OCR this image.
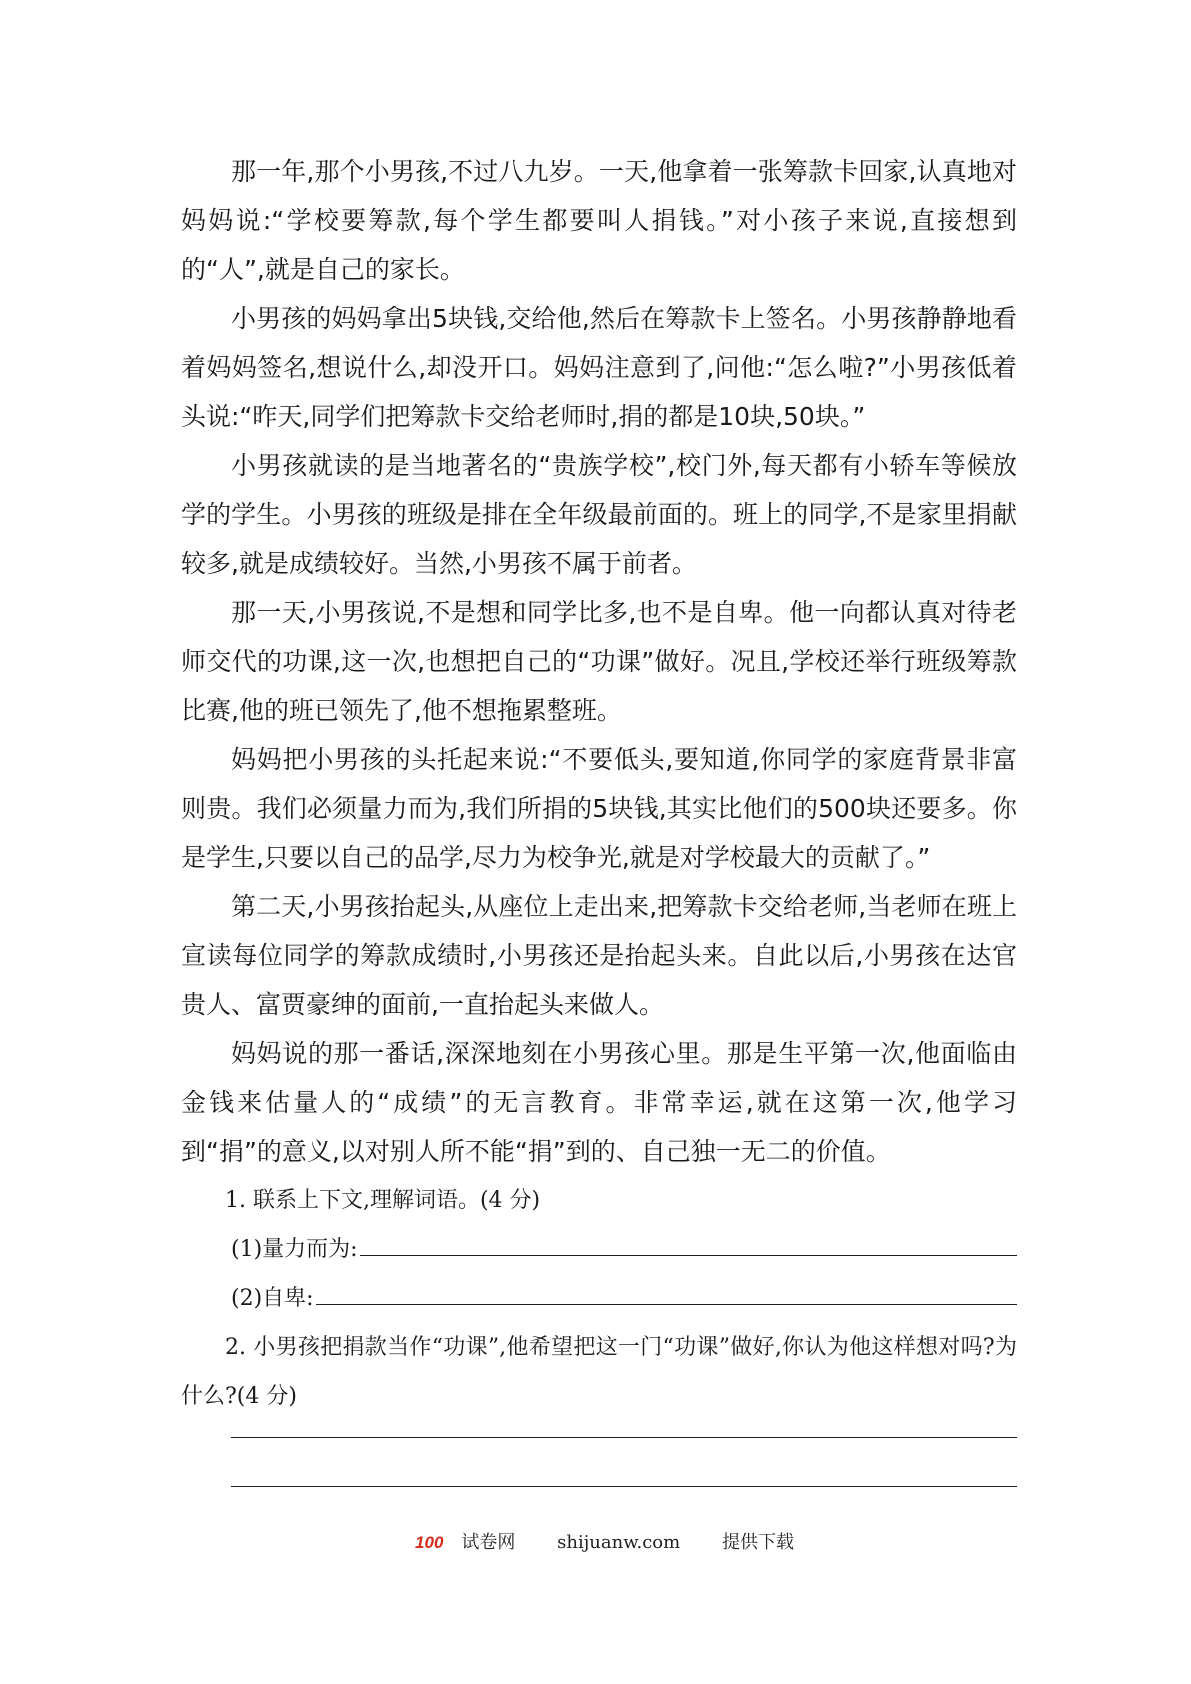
那一年,那个小男孩,不过八九岁。一天,他拿着一张筹款卡回家,认真地对妈妈说:“学校要筹款,每个学生都要叫人捐钱。”对小孩子来说,直接想到的“人”,就是自己的家长。

小男孩的妈妈拿出5块钱,交给他,然后在筹款卡上签名。小男孩静静地看着妈妈签名,想说什么,却没开口。妈妈注意到了,问他:“怎么啦?”小男孩低着头说:“昨天,同学们把筹款卡交给老师时,捐的都是10块,50块。”

小男孩就读的是当地著名的“贵族学校”,校门外,每天都有小轿车等候放学的学生。小男孩的班级是排在全年级最前面的。班上的同学,不是家里捐献较多,就是成绩较好。当然,小男孩不属于前者。

那一天,小男孩说,不是想和同学比多,也不是自卑。他一向都认真对待老师交代的功课,这一次,也想把自己的“功课”做好。况且,学校还举行班级筹款比赛,他的班已领先了,他不想拖累整班。

妈妈把小男孩的头托起来说:“不要低头,要知道,你同学的家庭背景非富则贵。我们必须量力而为,我们所捐的5块钱,其实比他们的500块还要多。你是学生,只要以自己的品学,尽力为校争光,就是对学校最大的贡献了。”

第二天,小男孩抬起头,从座位上走出来,把筹款卡交给老师,当老师在班上宣读每位同学的筹款成绩时,小男孩还是抬起头来。自此以后,小男孩在达官贵人、富贾豪绅的面前,一直抬起头来做人。

妈妈说的那一番话,深深地刻在小男孩心里。那是生平第一次,他面临由金钱来估量人的“成绩”的无言教育。非常幸运,就在这第一次,他学习到“捐”的意义,以对别人所不能“捐”到的、自己独一无二的价值。

1. 联系上下文,理解词语。(4 分)

(1)量力而为:
(2)自卑:

2. 小男孩把捐款当作“功课”,他希望把这一门“功课”做好,你认为他这样想对吗?为什么?(4 分)

100 试卷网 shijuanw.com 提供下载
